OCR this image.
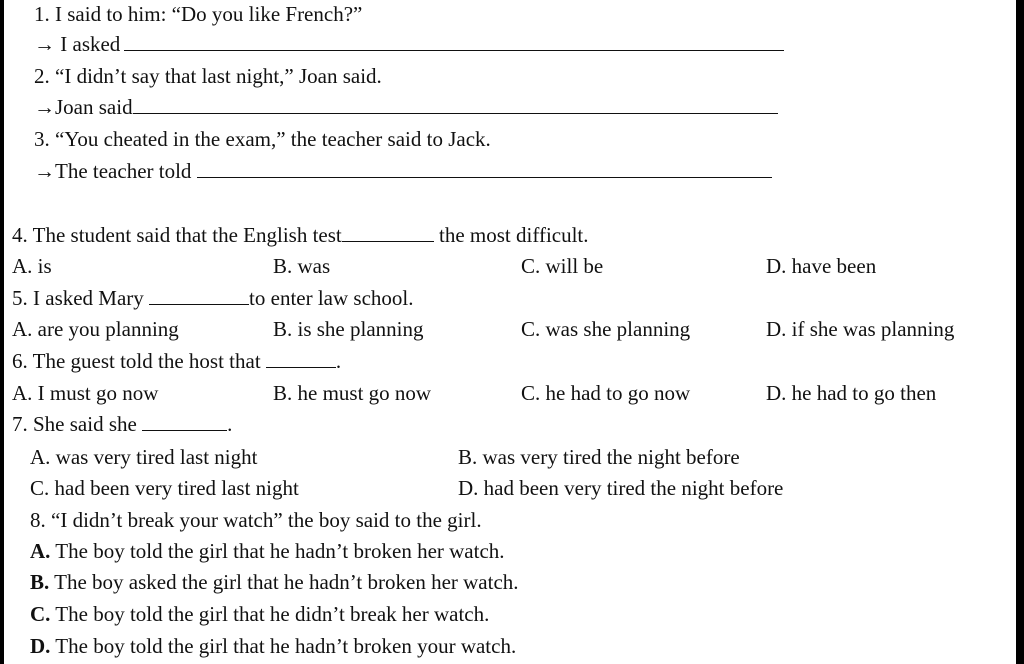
1. I said to him: “Do you like French?”
→ I asked
2. “I didn’t say that last night,” Joan said.
→Joan said
3. “You cheated in the exam,” the teacher said to Jack.
→The teacher told
4. The student said that the English test	the most difficult.
A. is	B. was	C. will be	D. have been
5. I asked Mary	to enter law school.
A. are you planning	B. is she planning	C. was she planning	D. if she was planning
6. The guest told the host that	.
A. I must go now	B. he must go now	C. he had to go now	D. he had to go then
7. She said she	.
A. was very tired last night	B. was very tired the night before
C. had been very tired last night	D. had been very tired the night before
8. “I didn’t break your watch” the boy said to the girl.
A. The boy told the girl that he hadn’t broken her watch.
B. The boy asked the girl that he hadn’t broken her watch.
C. The boy told the girl that he didn’t break her watch.
D. The boy told the girl that he hadn’t broken your watch.
